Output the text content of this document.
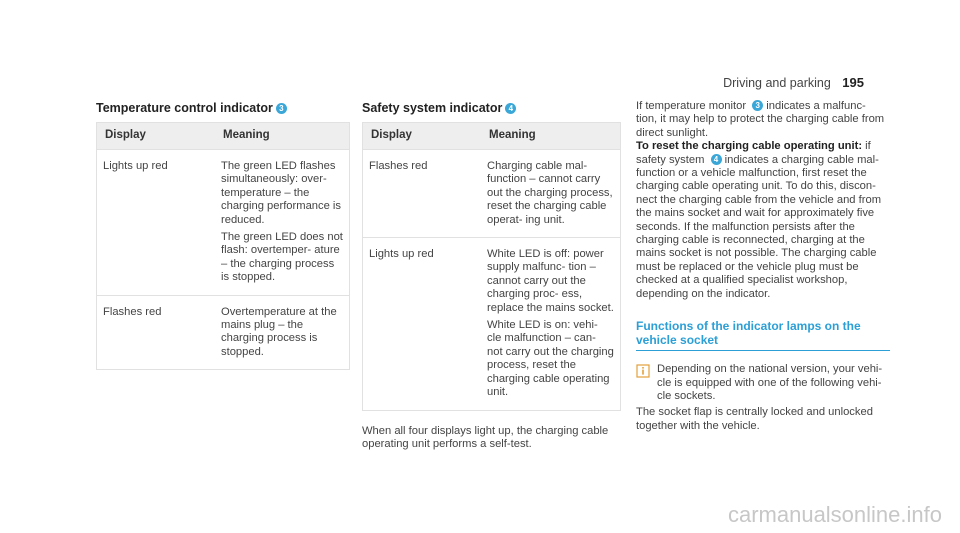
Driving and parking 195
Temperature control indicator 3
Display	Meaning
Lights up red	The green LED flashes simultaneously: over- temperature – the charging performance is reduced.

The green LED does not flash: overtemper- ature – the charging process is stopped.

Flashes red	Overtemperature at the mains plug – the charging process is stopped.

Safety system indicator 4
Display	Meaning
Flashes red	Charging cable mal- function – cannot carry out the charging process, reset the charging cable operat- ing unit.

Lights up red	White LED is off: power supply malfunc- tion – cannot carry out the charging proc- ess, replace the mains socket.

White LED is on: vehi- cle malfunction – can- not carry out the charging process, reset the charging cable operating unit.

When all four displays light up, the charging cable operating unit performs a self-test.

If temperature monitor 3 indicates a malfunc- tion, it may help to protect the charging cable from direct sunlight.

To reset the charging cable operating unit: if safety system 4 indicates a charging cable mal- function or a vehicle malfunction, first reset the charging cable operating unit. To do this, discon- nect the charging cable from the vehicle and from the mains socket and wait for approximately five seconds. If the malfunction persists after the charging cable is reconnected, charging at the mains socket is not possible. The charging cable must be replaced or the vehicle plug must be checked at a qualified specialist workshop, depending on the indicator.

Functions of the indicator lamps on the vehicle socket
Depending on the national version, your vehi- cle is equipped with one of the following vehi- cle sockets.

The socket flap is centrally locked and unlocked together with the vehicle.

carmanualsonline.info
